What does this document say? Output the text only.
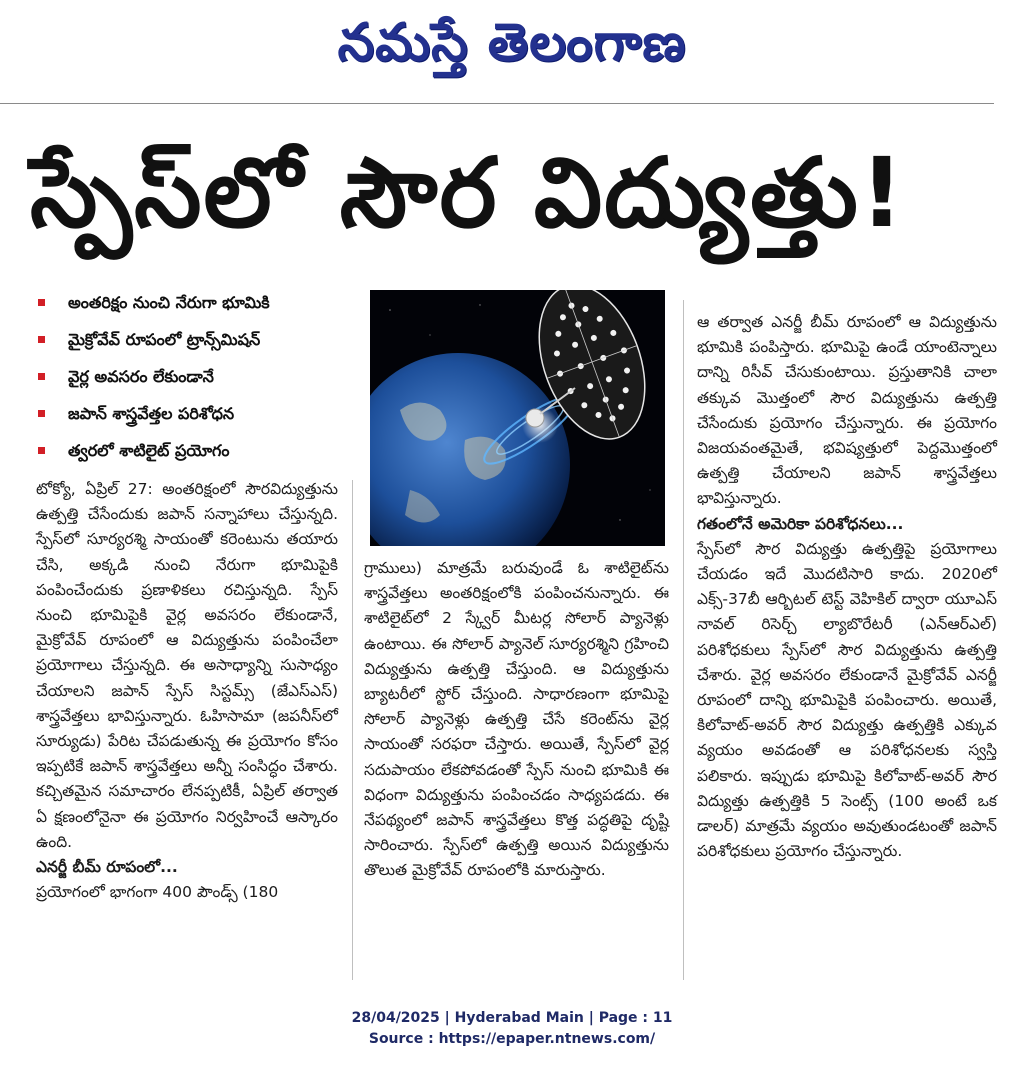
నమస్తే తెలంగాణ
స్పేస్‌లో సౌర విద్యుత్తు!
అంతరిక్షం నుంచి నేరుగా భూమికి
మైక్రోవేవ్ రూపంలో ట్రాన్స్‌మిషన్
వైర్ల అవసరం లేకుండానే
జపాన్ శాస్త్రవేత్తల పరిశోధన
త్వరలో శాటిలైట్ ప్రయోగం

టోక్యో, ఏప్రిల్ 27: అంతరిక్షంలో సౌరవిద్యుత్తును ఉత్పత్తి చేసేందుకు జపాన్ సన్నాహాలు చేస్తున్నది. స్పేస్‌లో సూర్యరశ్మి సాయంతో కరెంటును తయారు చేసి, అక్కడి నుంచి నేరుగా భూమిపైకి పంపించేందుకు ప్రణాళికలు రచిస్తున్నది. స్పేస్ నుంచి భూమిపైకి వైర్ల అవసరం లేకుండానే, మైక్రోవేవ్ రూపంలో ఆ విద్యుత్తును పంపించేలా ప్రయోగాలు చేస్తున్నది. ఈ అసాధ్యాన్ని సుసాధ్యం చేయాలని జపాన్ స్పేస్ సిస్టమ్స్ (జేఎస్ఎస్) శాస్త్రవేత్తలు భావిస్తున్నారు. ఓహిసామా (జపనీస్‌లో సూర్యుడు) పేరిట చేపడుతున్న ఈ ప్రయోగం కోసం ఇప్పటికే జపాన్ శాస్త్రవేత్తలు అన్నీ సంసిద్ధం చేశారు. కచ్చితమైన సమాచారం లేనప్పటికీ, ఏప్రిల్ తర్వాత ఏ క్షణంలోనైనా ఈ ప్రయోగం నిర్వహించే ఆస్కారం ఉంది.

ఎనర్జీ బీమ్ రూపంలో...

ప్రయోగంలో భాగంగా 400 పౌండ్స్ (180

గ్రాములు) మాత్రమే బరువుండే ఓ శాటిలైట్‌ను శాస్త్రవేత్తలు అంతరిక్షంలోకి పంపించనున్నారు. ఈ శాటిలైట్‌లో 2 స్క్వేర్ మీటర్ల సోలార్ ప్యానెళ్లు ఉంటాయి. ఈ సోలార్ ప్యానెల్ సూర్యరశ్మిని గ్రహించి విద్యుత్తును ఉత్పత్తి చేస్తుంది. ఆ విద్యుత్తును బ్యాటరీలో స్టోర్ చేస్తుంది. సాధారణంగా భూమిపై సోలార్ ప్యానెళ్లు ఉత్పత్తి చేసే కరెంట్‌ను వైర్ల సాయంతో సరఫరా చేస్తారు. అయితే, స్పేస్‌లో వైర్ల సదుపాయం లేకపోవడంతో స్పేస్ నుంచి భూమికి ఈ విధంగా విద్యుత్తును పంపించడం సాధ్యపడదు. ఈ నేపథ్యంలో జపాన్ శాస్త్రవేత్తలు కొత్త పద్ధతిపై దృష్టి సారించారు. స్పేస్‌లో ఉత్పత్తి అయిన విద్యుత్తును తొలుత మైక్రోవేవ్ రూపంలోకి మారుస్తారు.

ఆ తర్వాత ఎనర్జీ బీమ్ రూపంలో ఆ విద్యుత్తును భూమికి పంపిస్తారు. భూమిపై ఉండే యాంటెన్నాలు దాన్ని రిసీవ్ చేసుకుంటాయి. ప్రస్తుతానికి చాలా తక్కువ మొత్తంలో సౌర విద్యుత్తును ఉత్పత్తి చేసేందుకు ప్రయోగం చేస్తున్నారు. ఈ ప్రయోగం విజయవంతమైతే, భవిష్యత్తులో పెద్దమొత్తంలో ఉత్పత్తి చేయాలని జపాన్ శాస్త్రవేత్తలు భావిస్తున్నారు.

గతంలోనే అమెరికా పరిశోధనలు...

స్పేస్‌లో సౌర విద్యుత్తు ఉత్పత్తిపై ప్రయోగాలు చేయడం ఇదే మొదటిసారి కాదు. 2020లో ఎక్స్-37బీ ఆర్బిటల్ టెస్ట్ వెహికిల్ ద్వారా యూఎస్ నావల్ రిసెర్చ్ ల్యాబొరేటరీ (ఎన్ఆర్ఎల్) పరిశోధకులు స్పేస్‌లో సౌర విద్యుత్తును ఉత్పత్తి చేశారు. వైర్ల అవసరం లేకుండానే మైక్రోవేవ్ ఎనర్జీ రూపంలో దాన్ని భూమిపైకి పంపించారు. అయితే, కిలోవాట్-అవర్ సౌర విద్యుత్తు ఉత్పత్తికి ఎక్కువ వ్యయం అవడంతో ఆ పరిశోధనలకు స్వస్తి పలికారు. ఇప్పుడు భూమిపై కిలోవాట్-అవర్ సౌర విద్యుత్తు ఉత్పత్తికి 5 సెంట్స్ (100 అంటే ఒక డాలర్) మాత్రమే వ్యయం అవుతుండటంతో జపాన్ పరిశోధకులు ప్రయోగం చేస్తున్నారు.

28/04/2025 | Hyderabad Main | Page : 11
Source : https://epaper.ntnews.com/
